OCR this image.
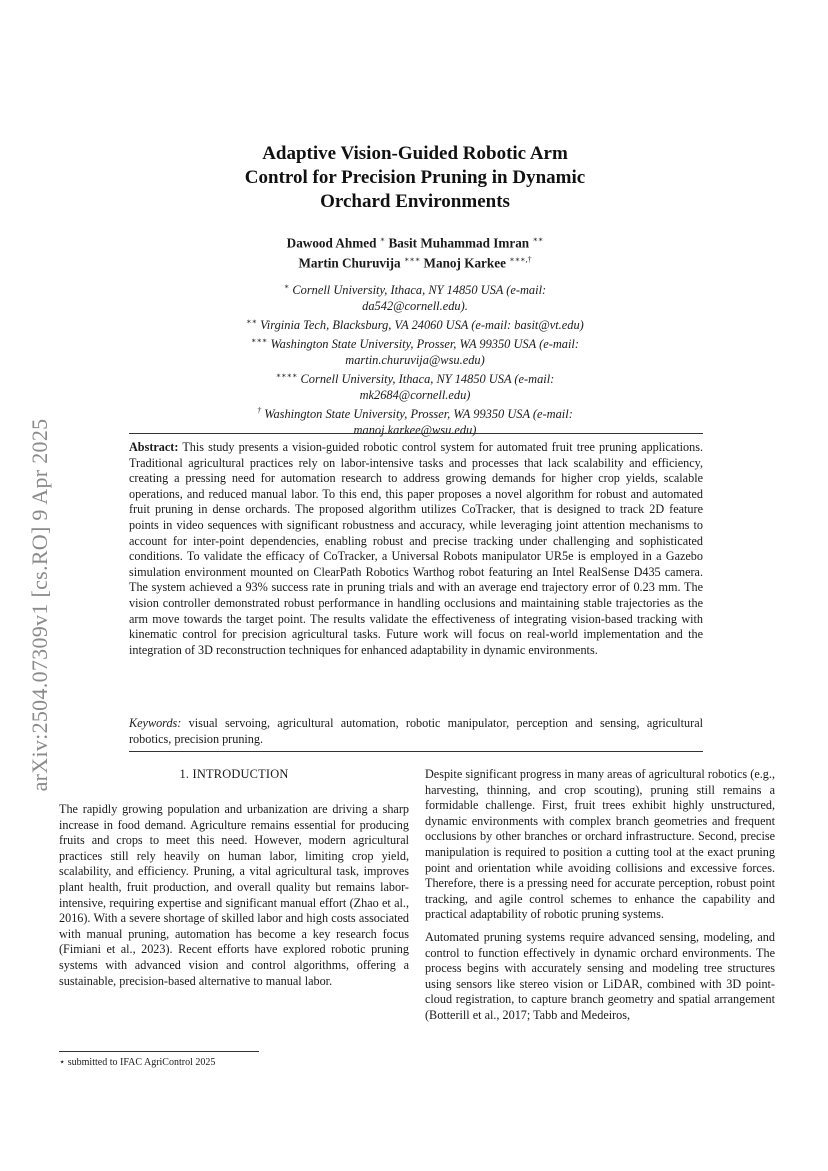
arXiv:2504.07309v1 [cs.RO] 9 Apr 2025
Adaptive Vision-Guided Robotic Arm
Control for Precision Pruning in Dynamic
Orchard Environments
Dawood Ahmed ∗ Basit Muhammad Imran ∗∗
Martin Churuvija ∗∗∗ Manoj Karkee ∗∗∗,†
∗ Cornell University, Ithaca, NY 14850 USA (e-mail:
da542@cornell.edu).
∗∗ Virginia Tech, Blacksburg, VA 24060 USA (e-mail: basit@vt.edu)
∗∗∗ Washington State University, Prosser, WA 99350 USA (e-mail:
martin.churuvija@wsu.edu)
∗∗∗∗ Cornell University, Ithaca, NY 14850 USA (e-mail:
mk2684@cornell.edu)
† Washington State University, Prosser, WA 99350 USA (e-mail:
manoj.karkee@wsu.edu)
Abstract: This study presents a vision-guided robotic control system for automated fruit tree pruning applications. Traditional agricultural practices rely on labor-intensive tasks and processes that lack scalability and efficiency, creating a pressing need for automation research to address growing demands for higher crop yields, scalable operations, and reduced manual labor. To this end, this paper proposes a novel algorithm for robust and automated fruit pruning in dense orchards. The proposed algorithm utilizes CoTracker, that is designed to track 2D feature points in video sequences with significant robustness and accuracy, while leveraging joint attention mechanisms to account for inter-point dependencies, enabling robust and precise tracking under challenging and sophisticated conditions. To validate the efficacy of CoTracker, a Universal Robots manipulator UR5e is employed in a Gazebo simulation environment mounted on ClearPath Robotics Warthog robot featuring an Intel RealSense D435 camera. The system achieved a 93% success rate in pruning trials and with an average end trajectory error of 0.23 mm. The vision controller demonstrated robust performance in handling occlusions and maintaining stable trajectories as the arm move towards the target point. The results validate the effectiveness of integrating vision-based tracking with kinematic control for precision agricultural tasks. Future work will focus on real-world implementation and the integration of 3D reconstruction techniques for enhanced adaptability in dynamic environments.
Keywords: visual servoing, agricultural automation, robotic manipulator, perception and sensing, agricultural robotics, precision pruning.
1. INTRODUCTION

The rapidly growing population and urbanization are driving a sharp increase in food demand. Agriculture remains essential for producing fruits and crops to meet this need. However, modern agricultural practices still rely heavily on human labor, limiting crop yield, scalability, and efficiency. Pruning, a vital agricultural task, improves plant health, fruit production, and overall quality but remains labor-intensive, requiring expertise and significant manual effort (Zhao et al., 2016). With a severe shortage of skilled labor and high costs associated with manual pruning, automation has become a key research focus (Fimiani et al., 2023). Recent efforts have explored robotic pruning systems with advanced vision and control algorithms, offering a sustainable, precision-based alternative to manual labor.

Despite significant progress in many areas of agricultural robotics (e.g., harvesting, thinning, and crop scouting), pruning still remains a formidable challenge. First, fruit trees exhibit highly unstructured, dynamic environments with complex branch geometries and frequent occlusions by other branches or orchard infrastructure. Second, precise manipulation is required to position a cutting tool at the exact pruning point and orientation while avoiding collisions and excessive forces. Therefore, there is a pressing need for accurate perception, robust point tracking, and agile control schemes to enhance the capability and practical adaptability of robotic pruning systems.

Automated pruning systems require advanced sensing, modeling, and control to function effectively in dynamic orchard environments. The process begins with accurately sensing and modeling tree structures using sensors like stereo vision or LiDAR, combined with 3D point-cloud registration, to capture branch geometry and spatial arrangement (Botterill et al., 2017; Tabb and Medeiros,

⋆ submitted to IFAC AgriControl 2025
